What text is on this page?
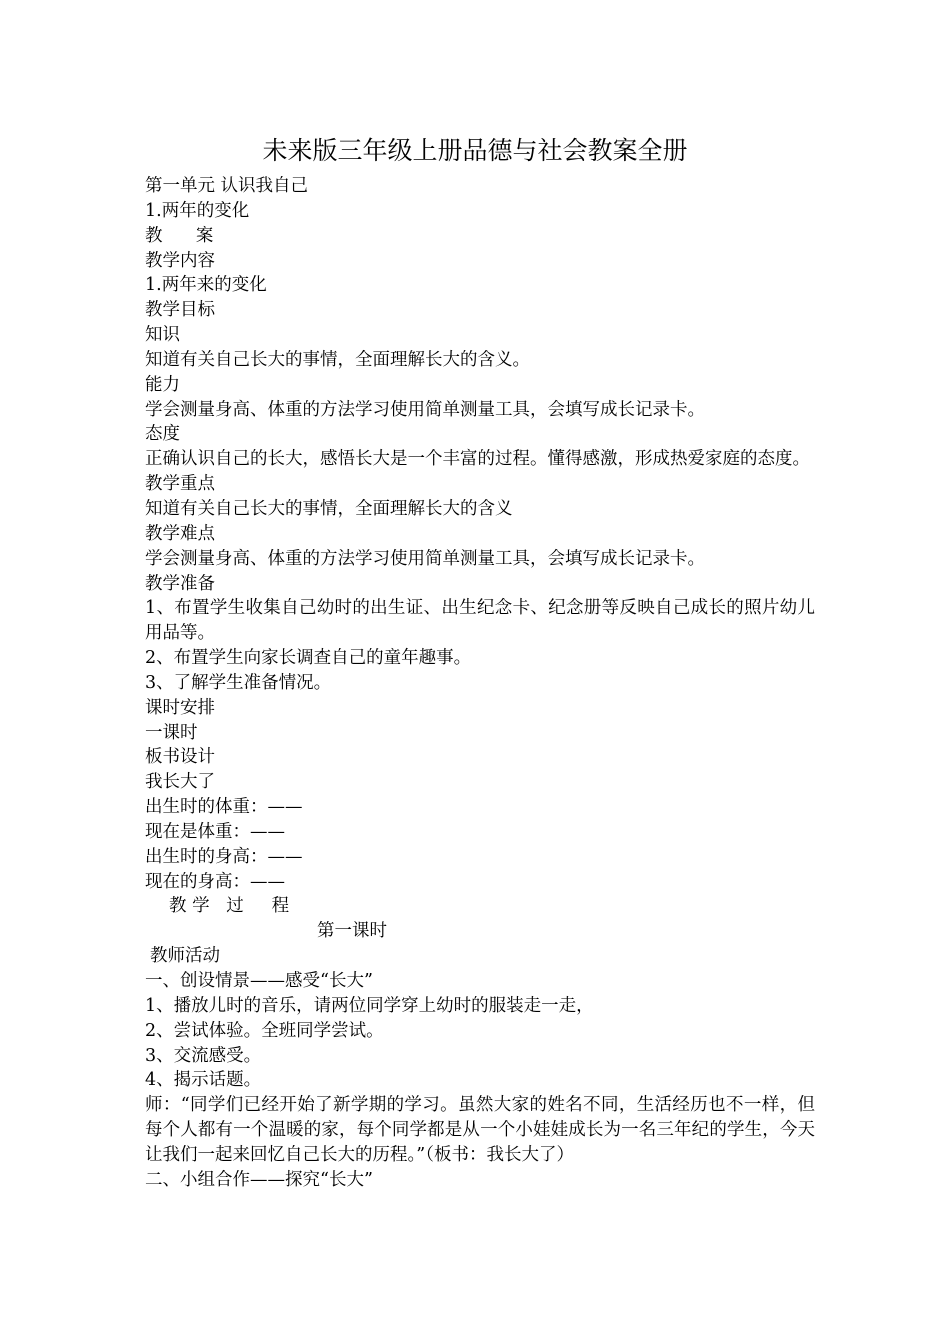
未来版三年级上册品德与社会教案全册
第一单元 认识我自己
1.两年的变化
教      案
教学内容
1.两年来的变化
教学目标
知识
知道有关自己长大的事情，全面理解长大的含义。
能力
学会测量身高、体重的方法学习使用简单测量工具，会填写成长记录卡。
态度
正确认识自己的长大，感悟长大是一个丰富的过程。懂得感激，形成热爱家庭的态度。
教学重点
知道有关自己长大的事情，全面理解长大的含义
教学难点
学会测量身高、体重的方法学习使用简单测量工具，会填写成长记录卡。
教学准备
1、布置学生收集自己幼时的出生证、出生纪念卡、纪念册等反映自己成长的照片幼儿用品等。
2、布置学生向家长调查自己的童年趣事。
3、了解学生准备情况。
课时安排
一课时
板书设计
我长大了
出生时的体重：——
现在是体重：——
出生时的身高：——
现在的身高：——
教 学   过     程
第一课时
教师活动
一、创设情景——感受“长大”
1、播放儿时的音乐，请两位同学穿上幼时的服装走一走，
2、尝试体验。全班同学尝试。
3、交流感受。
4、揭示话题。
师：“同学们已经开始了新学期的学习。虽然大家的姓名不同，生活经历也不一样，但每个人都有一个温暖的家，每个同学都是从一个小娃娃成长为一名三年纪的学生，今天让我们一起来回忆自己长大的历程。”（板书：我长大了）
二、小组合作——探究“长大”
